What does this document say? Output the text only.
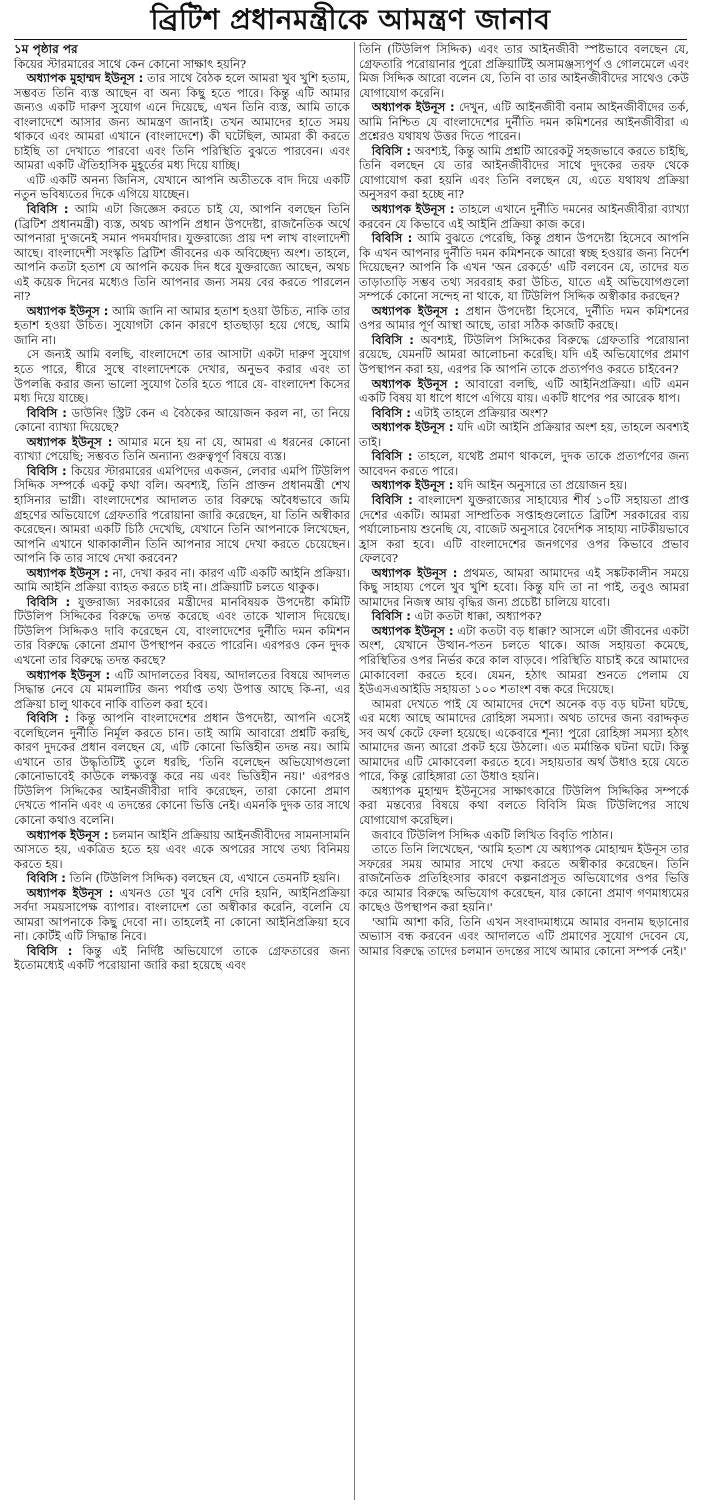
ব্রিটিশ প্রধানমন্ত্রীকে আমন্ত্রণ জানাব
১ম পৃষ্ঠার পর

কিয়ের স্টারমারের সাথে কেন কোনো সাক্ষাৎ হয়নি?

অধ্যাপক মুহাম্মদ ইউনূস : তার সাথে বৈঠক হলে আমরা খুব খুশি হতাম, সম্ভবত তিনি ব্যস্ত আছেন বা অন্য কিছু হতে পারে। কিন্তু এটি আমার জন্যও একটি দারুণ সুযোগ এনে দিয়েছে, এখন তিনি ব্যস্ত, আমি তাকে বাংলাদেশে আসার জন্য আমন্ত্রণ জানাই। তখন আমাদের হাতে সময় থাকবে এবং আমরা এখানে (বাংলাদেশে) কী ঘটেছিল, আমরা কী করতে চাইছি তা দেখাতে পারবো এবং তিনি পরিস্থিতি বুঝতে পারবেন। এবং আমরা একটি ঐতিহাসিক মুহূর্তের মধ্য দিয়ে যাচ্ছি।

এটি একটি অনন্য জিনিস, যেখানে আপনি অতীতকে বাদ দিয়ে একটি নতুন ভবিষ্যতের দিকে এগিয়ে যাচ্ছেন।

বিবিসি : আমি এটা জিজ্ঞেস করতে চাই যে, আপনি বলছেন তিনি (ব্রিটিশ প্রধানমন্ত্রী) ব্যস্ত, অথচ আপনি প্রধান উপদেষ্টা, রাজনৈতিক অর্থে আপনারা দু'জনেই সমান পদমর্যাদার। যুক্তরাজ্যে প্রায় দশ লাখ বাংলাদেশী আছে। বাংলাদেশী সংস্কৃতি ব্রিটিশ জীবনের এক অবিচ্ছেদ্য অংশ। তাহলে, আপনি কতটা হতাশ যে আপনি কয়েক দিন ধরে যুক্তরাজ্যে আছেন, অথচ এই কয়েক দিনের মধ্যেও তিনি আপনার জন্য সময় বের করতে পারলেন না?

অধ্যাপক ইউনূস : আমি জানি না আমার হতাশ হওয়া উচিত, নাকি তার হতাশ হওয়া উচিত। সুযোগটা কোন কারণে হাতছাড়া হয়ে গেছে, আমি জানি না।

সে জন্যই আমি বলছি, বাংলাদেশে তার আসাটা একটা দারুণ সুযোগ হতে পারে, ধীরে সুস্থে বাংলাদেশকে দেখার, অনুভব করার এবং তা উপলব্ধি করার জন্য ভালো সুযোগ তৈরি হতে পারে যে- বাংলাদেশ কিসের মধ্য দিয়ে যাচ্ছে।

বিবিসি : ডাউনিং স্ট্রিট কেন এ বৈঠকের আয়োজন করল না, তা নিয়ে কোনো ব্যাখ্যা দিয়েছে?

অধ্যাপক ইউনূস : আমার মনে হয় না যে, আমরা এ ধরনের কোনো ব্যাখ্যা পেয়েছি; সম্ভবত তিনি অন্যান্য গুরুত্বপূর্ণ বিষয়ে ব্যস্ত।

বিবিসি : কিয়ের স্টারমারের এমপিদের একজন, লেবার এমপি টিউলিপ সিদ্দিক সম্পর্কে একটু কথা বলি। অবশ্যই, তিনি প্রাক্তন প্রধানমন্ত্রী শেখ হাসিনার ভাগ্নী। বাংলাদেশের আদালত তার বিরুদ্ধে অবৈধভাবে জমি গ্রহণের অভিযোগে গ্রেফতারি পরোয়ানা জারি করেছেন, যা তিনি অস্বীকার করেছেন। আমরা একটি চিঠি দেখেছি, যেখানে তিনি আপনাকে লিখেছেন, আপনি এখানে থাকাকালীন তিনি আপনার সাথে দেখা করতে চেয়েছেন। আপনি কি তার সাথে দেখা করবেন?

অধ্যাপক ইউনূস : না, দেখা করব না। কারণ এটি একটি আইনি প্রক্রিয়া। আমি আইনি প্রক্রিয়া ব্যাহত করতে চাই না। প্রক্রিয়াটি চলতে থাকুক।

বিবিসি : যুক্তরাজ্য সরকারের মন্ত্রীদের মানবিষয়ক উপদেষ্টা কমিটি টিউলিপ সিদ্দিকের বিরুদ্ধে তদন্ত করেছে এবং তাকে খালাস দিয়েছে। টিউলিপ সিদ্দিকও দাবি করেছেন যে, বাংলাদেশের দুর্নীতি দমন কমিশন তার বিরুদ্ধে কোনো প্রমাণ উপস্থাপন করতে পারেনি। এরপরও কেন দুদক এখনো তার বিরুদ্ধে তদন্ত করছে?

অধ্যাপক ইউনূস : এটি আদালতের বিষয়, আদালতের বিষয়ে আদলত সিদ্ধান্ত নেবে যে মামলাটির জন্য পর্যাপ্ত তথ্য উপাত্ত আছে কি-না, এর প্রক্রিয়া চালু থাকবে নাকি বাতিল করা হবে।

বিবিসি : কিন্তু আপনি বাংলাদেশের প্রধান উপদেষ্টা, আপনি এসেই বলেছিলেন দুর্নীতি নির্মূল করতে চান। তাই আমি আবারো প্রশ্নটি করছি, কারণ দুদকের প্রধান বলছেন যে, এটি কোনো ভিত্তিহীন তদন্ত নয়। আমি এখানে তার উদ্ধৃতিটিই তুলে ধরছি, 'তিনি বলেছেন অভিযোগগুলো কোনোভাবেই কাউকে লক্ষ্যবস্তু করে নয় এবং ভিত্তিহীন নয়।' এরপরও টিউলিপ সিদ্দিকের আইনজীবীরা দাবি করেছেন, তারা কোনো প্রমাণ দেখতে পাননি এবং এ তদন্তের কোনো ভিত্তি নেই। এমনকি দুদক তার সাথে কোনো কথাও বলেনি।

অধ্যাপক ইউনূস : চলমান আইনি প্রক্রিয়ায় আইনজীবীদের সামনাসামনি আসতে হয়, একত্রিত হতে হয় এবং একে অপরের সাথে তথ্য বিনিময় করতে হয়।

বিবিসি : তিনি (টিউলিপ সিদ্দিক) বলছেন যে, এখানে তেমনটি হয়নি।

অধ্যাপক ইউনূস : এখনও তো খুব বেশি দেরি হয়নি, আইনিপ্রক্রিয়া সর্বদা সময়সাপেক্ষ ব্যাপার। বাংলাদেশ তো অস্বীকার করেনি, বলেনি যে আমরা আপনাকে কিছু দেবো না। তাহলেই না কোনো আইনিপ্রক্রিয়া হবে না। কোর্টই এটি সিদ্ধান্ত নিবে।

বিবিসি : কিন্তু এই নির্দিষ্ট অভিযোগে তাকে গ্রেফতারের জন্য ইতোমধ্যেই একটি পরোয়ানা জারি করা হয়েছে এবং

তিনি (টিউলিপ সিদ্দিক) এবং তার আইনজীবী স্পষ্টভাবে বলছেন যে, গ্রেফতারি পরোয়ানার পুরো প্রক্রিয়াটিই অসামঞ্জস্যপূর্ণ ও গোলমেলে এবং মিজ সিদ্দিক আরো বলেন যে, তিনি বা তার আইনজীবীদের সাথেও কেউ যোগাযোগ করেনি।

অধ্যাপক ইউনূস : দেখুন, এটি আইনজীবী বনাম আইনজীবীদের তর্ক, আমি নিশ্চিত যে বাংলাদেশের দুর্নীতি দমন কমিশনের আইনজীবীরা এ প্রশ্নেরও যথাযথ উত্তর দিতে পারেন।

বিবিসি : অবশ্যই, কিন্তু আমি প্রশ্নটি আরেকটু সহজভাবে করতে চাইছি, তিনি বলছেন যে তার আইনজীবীদের সাথে দুদকের তরফ থেকে যোগাযোগ করা হয়নি এবং তিনি বলছেন যে, এতে যথাযথ প্রক্রিয়া অনুসরণ করা হচ্ছে না?

অধ্যাপক ইউনূস : তাহলে এখানে দুর্নীতি দমনের আইনজীবীরা ব্যাখ্যা করবেন যে কিভাবে এই আইনি প্রক্রিয়া কাজ করে।

বিবিসি : আমি বুঝতে পেরেছি, কিন্তু প্রধান উপদেষ্টা হিসেবে আপনি কি এখন আপনার দুর্নীতি দমন কমিশনকে আরো স্বচ্ছ হওয়ার জন্য নির্দেশ দিয়েছেন? আপনি কি এখন 'অন রেকর্ডে' এটি বলবেন যে, তাদের যত তাড়াতাড়ি সম্ভব তথ্য সরবরাহ করা উচিত, যাতে এই অভিযোগগুলো সম্পর্কে কোনো সন্দেহ না থাকে, যা টিউলিপ সিদ্দিক অস্বীকার করছেন?

অধ্যাপক ইউনূস : প্রধান উপদেষ্টা হিসেবে, দুর্নীতি দমন কমিশনের ওপর আমার পূর্ণ আস্থা আছে, তারা সঠিক কাজটি করছে।

বিবিসি : অবশ্যই, টিউলিপ সিদ্দিকের বিরুদ্ধে গ্রেফতারি পরোয়ানা রয়েছে, যেমনটি আমরা আলোচনা করেছি। যদি এই অভিযোগের প্রমাণ উপস্থাপন করা হয়, এরপর কি আপনি তাকে প্রত্যর্পণও করতে চাইবেন?

অধ্যাপক ইউনূস : আবারো বলছি, এটি আইনিপ্রক্রিয়া। এটি এমন একটি বিষয় যা ধাপে ধাপে এগিয়ে যায়। একটি ধাপের পর আরেক ধাপ।

বিবিসি : এটাই তাহলে প্রক্রিয়ার অংশ?

অধ্যাপক ইউনূস : যদি এটা আইনি প্রক্রিয়ার অংশ হয়, তাহলে অবশ্যই তাই।

বিবিসি : তাহলে, যথেষ্ট প্রমাণ থাকলে, দুদক তাকে প্রত্যর্পণের জন্য আবেদন করতে পারে।

অধ্যাপক ইউনূস : যদি আইন অনুসারে তা প্রয়োজন হয়।

বিবিসি : বাংলাদেশ যুক্তরাজ্যের সাহায্যের শীর্ষ ১০টি সহায়তা প্রাপ্ত দেশের একটি। আমরা সাম্প্রতিক সপ্তাহগুলোতে ব্রিটিশ সরকারের ব্যয় পর্যালোচনায় শুনেছি যে, বাজেট অনুসারে বৈদেশিক সাহায্য নাটকীয়ভাবে হ্রাস করা হবে। এটি বাংলাদেশের জনগণের ওপর কিভাবে প্রভাব ফেলবে?

অধ্যাপক ইউনূস : প্রথমত, আমরা আমাদের এই সঙ্কটকালীন সময়ে কিছু সাহায্য পেলে খুব খুশি হবো। কিন্তু যদি তা না পাই, তবুও আমরা আমাদের নিজস্ব আয় বৃদ্ধির জন্য প্রচেষ্টা চালিয়ে যাবো।

বিবিসি : এটা কতটা ধাক্কা, অধ্যাপক?

অধ্যাপক ইউনূস : এটা কতটা বড় ধাক্কা? আসলে এটা জীবনের একটা অংশ, যেখানে উত্থান-পতন চলতে থাকে। আজ সহায়তা কমেছে, পরিস্থিতির ওপর নির্ভর করে কাল বাড়বে। পরিস্থিতি যাচাই করে আমাদের মোকাবেলা করতে হবে। যেমন, হঠাৎ আমরা শুনতে পেলাম যে ইউএসএআইডি সহায়তা ১০০ শতাংশ বন্ধ করে দিয়েছে।

আমরা দেখতে পাই যে আমাদের দেশে অনেক বড় বড় ঘটনা ঘটছে, এর মধ্যে আছে আমাদের রোহিঙ্গা সমস্যা। অথচ তাদের জন্য বরাদ্দকৃত সব অর্থ কেটে ফেলা হয়েছে। একেবারে শূন্য! পুরো রোহিঙ্গা সমস্যা হঠাৎ আমাদের জন্য আরো প্রকট হয়ে উঠলো। এত মর্মান্তিক ঘটনা ঘটে। কিন্তু আমাদের এটি মোকাবেলা করতে হবে। সহায়তার অর্থ উধাও হয়ে যেতে পারে, কিন্তু রোহিঙ্গারা তো উধাও হয়নি।

অধ্যাপক মুহাম্মদ ইউনূসের সাক্ষাৎকারে টিউলিপ সিদ্দিকির সম্পর্কে করা মন্তব্যের বিষয়ে কথা বলতে বিবিসি মিজ টিউলিপের সাথে যোগাযোগ করেছিল।

জবাবে টিউলিপ সিদ্দিক একটি লিখিত বিবৃতি পাঠান।

তাতে তিনি লিখেছেন, 'আমি হতাশ যে অধ্যাপক মোহাম্মদ ইউনূস তার সফরের সময় আমার সাথে দেখা করতে অস্বীকার করেছেন। তিনি রাজনৈতিক প্রতিহিংসার কারণে কল্পনাপ্রসূত অভিযোগের ওপর ভিত্তি করে আমার বিরুদ্ধে অভিযোগ করেছেন, যার কোনো প্রমাণ গণমাধ্যমের কাছেও উপস্থাপন করা হয়নি।'

'আমি আশা করি, তিনি এখন সংবাদমাধ্যমে আমার বদনাম ছড়ানোর অভ্যাস বন্ধ করবেন এবং আদালতে এটি প্রমাণের সুযোগ দেবেন যে, আমার বিরুদ্ধে তাদের চলমান তদন্তের সাথে আমার কোনো সম্পর্ক নেই।'
